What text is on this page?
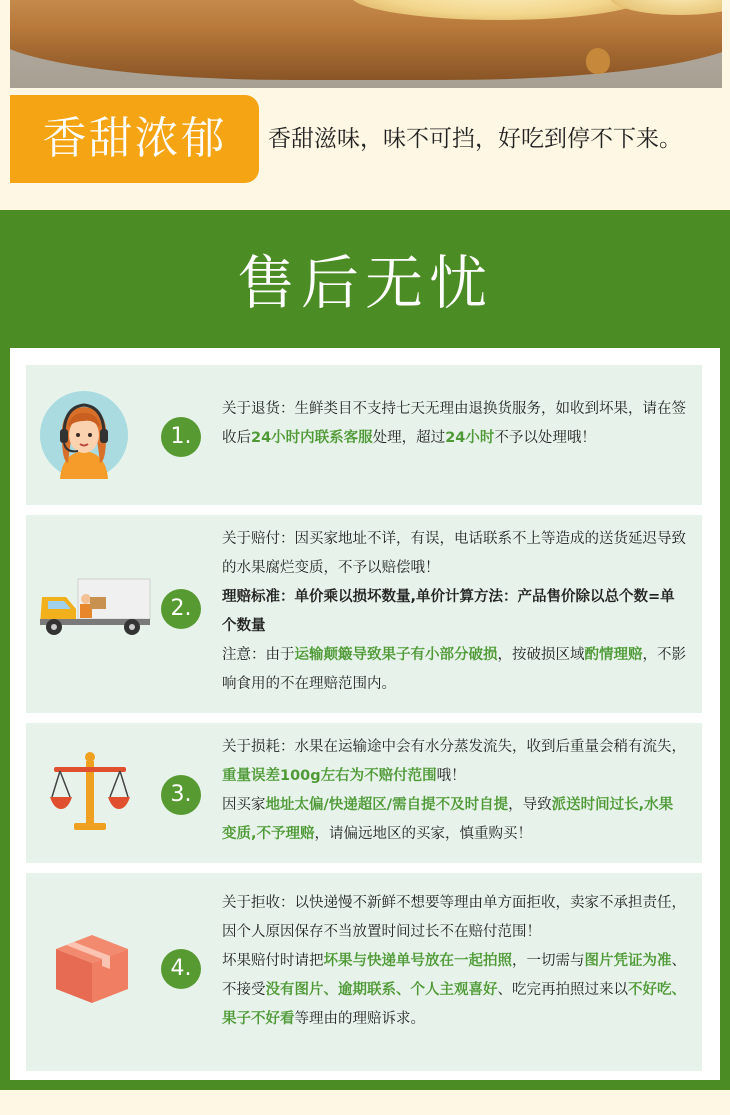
香甜浓郁	香甜滋味，味不可挡，好吃到停不下来。
售后无忧
1.

关于退货：生鲜类目不支持七天无理由退换货服务，如收到坏果，请在签收后24小时内联系客服处理，超过24小时不予以处理哦！

2.

关于赔付：因买家地址不详，有误，电话联系不上等造成的送货延迟导致的水果腐烂变质，不予以赔偿哦！

理赔标准：单价乘以损坏数量,单价计算方法：产品售价除以总个数=单个数量

注意：由于运输颠簸导致果子有小部分破损，按破损区域酌情理赔，不影响食用的不在理赔范围内。

3.

关于损耗：水果在运输途中会有水分蒸发流失，收到后重量会稍有流失，重量误差100g左右为不赔付范围哦！

因买家地址太偏/快递超区/需自提不及时自提，导致派送时间过长,水果变质,不予理赔，请偏远地区的买家，慎重购买！

4.

关于拒收：以快递慢不新鲜不想要等理由单方面拒收，卖家不承担责任，因个人原因保存不当放置时间过长不在赔付范围！

坏果赔付时请把坏果与快递单号放在一起拍照，一切需与图片凭证为准、不接受没有图片、逾期联系、个人主观喜好、吃完再拍照过来以不好吃、果子不好看等理由的理赔诉求。
